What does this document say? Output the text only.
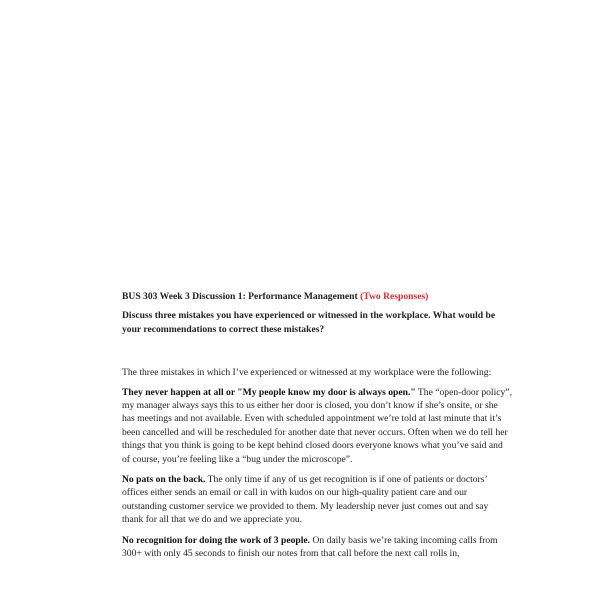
BUS 303 Week 3 Discussion 1: Performance Management (Two Responses)

Discuss three mistakes you have experienced or witnessed in the workplace. What would be your recommendations to correct these mistakes?

The three mistakes in which I’ve experienced or witnessed at my workplace were the following:

They never happen at all or "My people know my door is always open." The “open-door policy”, my manager always says this to us either her door is closed, you don’t know if she’s onsite, or she has meetings and not available. Even with scheduled appointment we’re told at last minute that it’s been cancelled and will be rescheduled for another date that never occurs. Often when we do tell her things that you think is going to be kept behind closed doors everyone knows what you’ve said and of course, you’re feeling like a “bug under the microscope”.

No pats on the back. The only time if any of us get recognition is if one of patients or doctors’ offices either sends an email or call in with kudos on our high-quality patient care and our outstanding customer service we provided to them. My leadership never just comes out and say thank for all that we do and we appreciate you.

No recognition for doing the work of 3 people. On daily basis we’re taking incoming calls from 300+ with only 45 seconds to finish our notes from that call before the next call rolls in,
